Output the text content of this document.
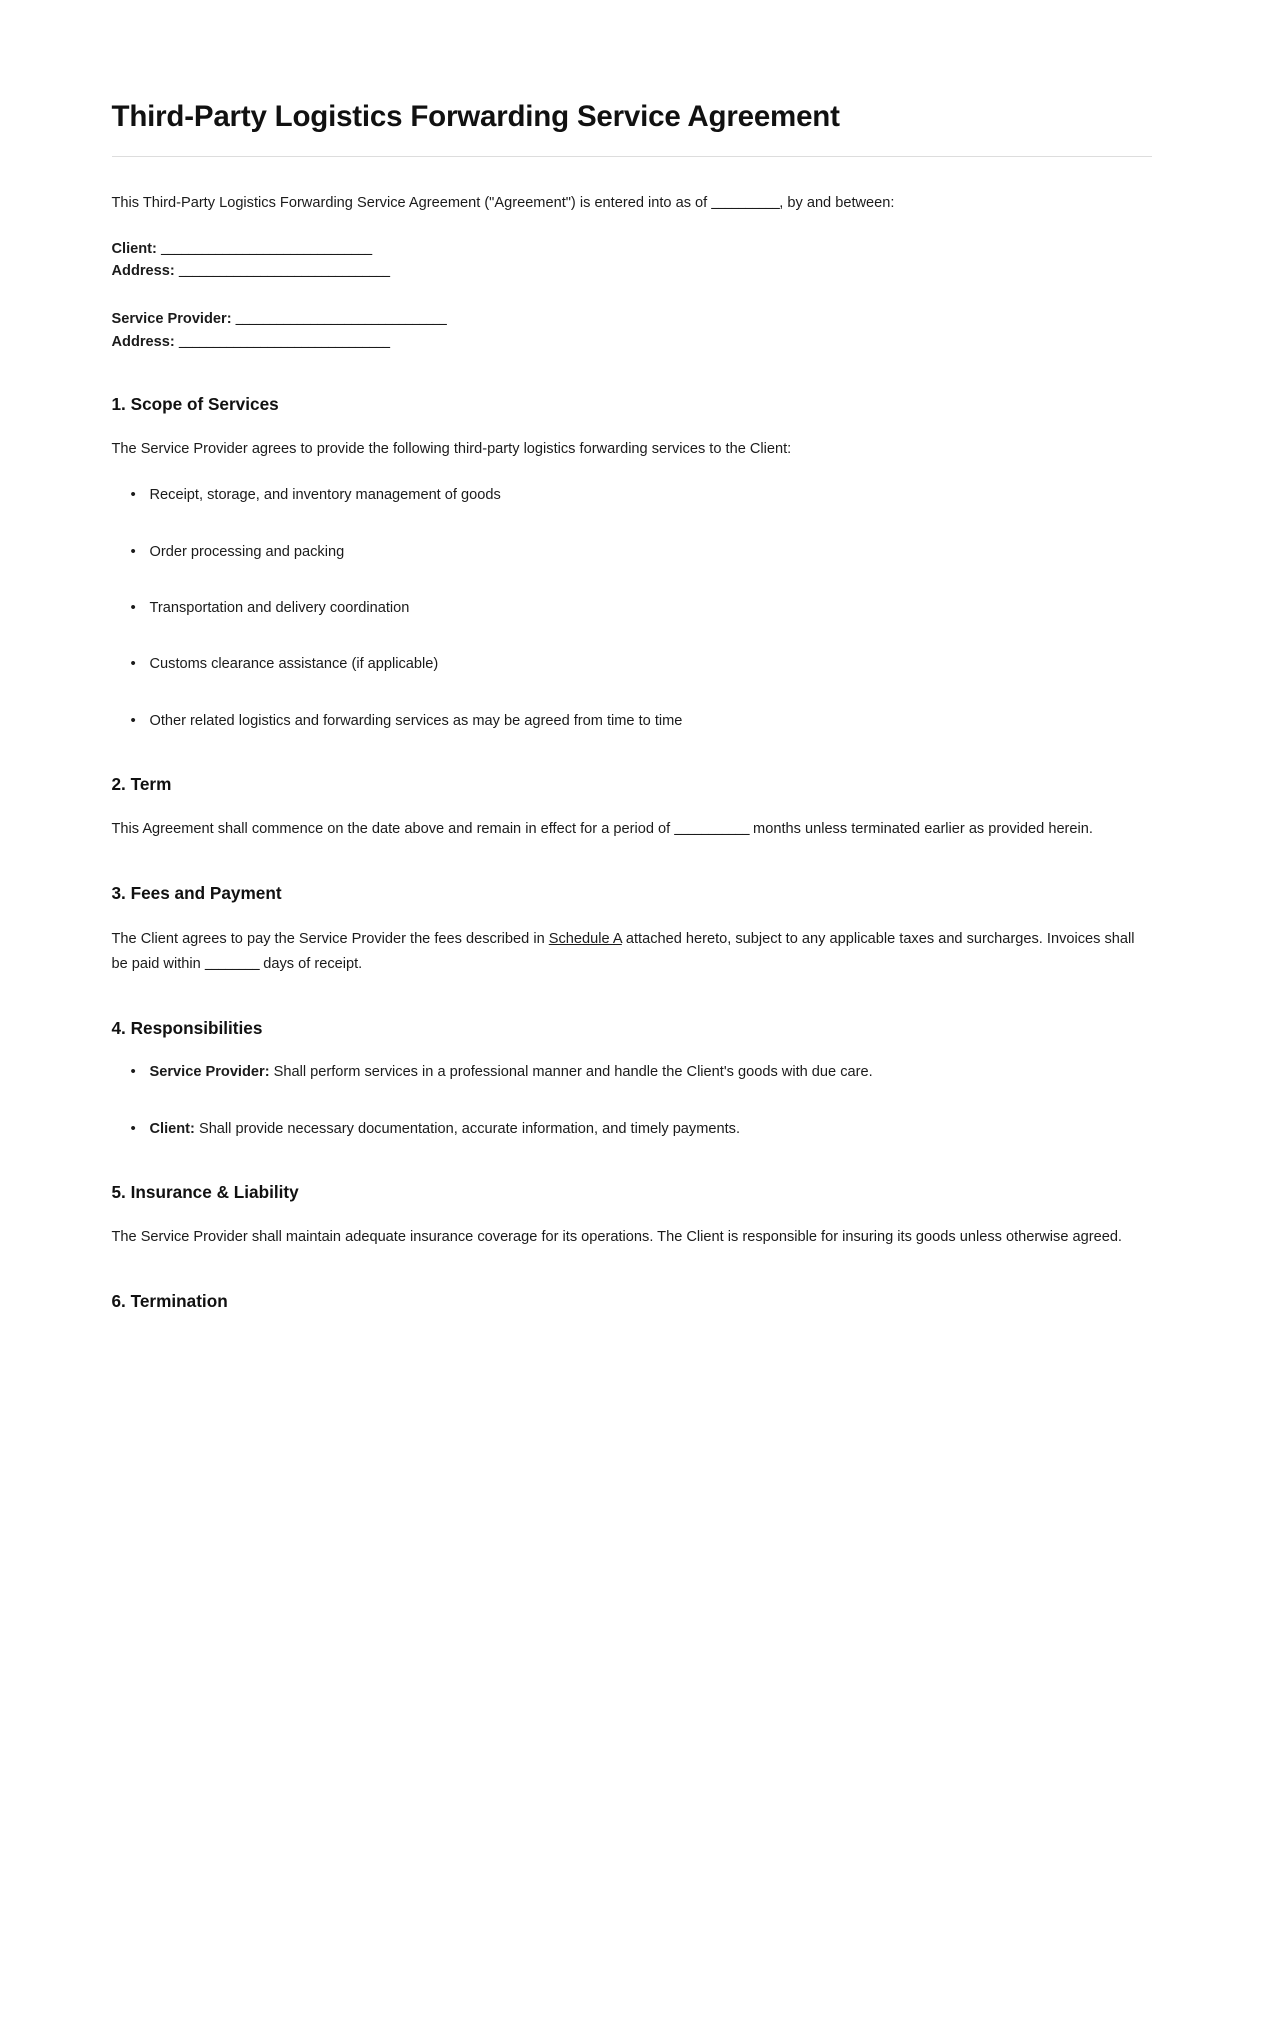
Third-Party Logistics Forwarding Service Agreement

This Third-Party Logistics Forwarding Service Agreement ("Agreement") is entered into as of __________, by and between:

Client: _______________________________

Address: _______________________________

Service Provider: _______________________________

Address: _______________________________

1. Scope of Services

The Service Provider agrees to provide the following third-party logistics forwarding services to the Client:

• Receipt, storage, and inventory management of goods
• Order processing and packing
• Transportation and delivery coordination
• Customs clearance assistance (if applicable)
• Other related logistics and forwarding services as may be agreed from time to time
2. Term

This Agreement shall commence on the date above and remain in effect for a period of ___________ months unless terminated earlier as provided herein.

3. Fees and Payment

The Client agrees to pay the Service Provider the fees described in Schedule A attached hereto, subject to any applicable taxes and surcharges. Invoices shall be paid within ________ days of receipt.

4. Responsibilities
• Service Provider: Shall perform services in a professional manner and handle the Client's goods with due care.
• Client: Shall provide necessary documentation, accurate information, and timely payments.
5. Insurance & Liability

The Service Provider shall maintain adequate insurance coverage for its operations. The Client is responsible for insuring its goods unless otherwise agreed.

6. Termination
